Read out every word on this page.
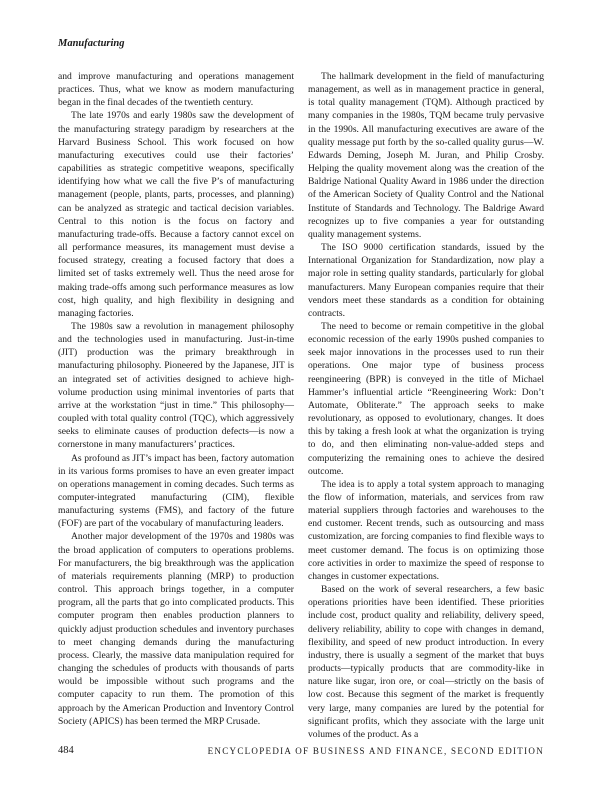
Manufacturing

and improve manufacturing and operations management practices. Thus, what we know as modern manufacturing began in the final decades of the twentieth century.

The late 1970s and early 1980s saw the development of the manufacturing strategy paradigm by researchers at the Harvard Business School. This work focused on how manufacturing executives could use their factories’ capabilities as strategic competitive weapons, specifically identifying how what we call the five P’s of manufacturing management (people, plants, parts, processes, and planning) can be analyzed as strategic and tactical decision variables. Central to this notion is the focus on factory and manufacturing trade-offs. Because a factory cannot excel on all performance measures, its management must devise a focused strategy, creating a focused factory that does a limited set of tasks extremely well. Thus the need arose for making trade-offs among such performance measures as low cost, high quality, and high flexibility in designing and managing factories.

The 1980s saw a revolution in management philosophy and the technologies used in manufacturing. Just-in-time (JIT) production was the primary breakthrough in manufacturing philosophy. Pioneered by the Japanese, JIT is an integrated set of activities designed to achieve high-volume production using minimal inventories of parts that arrive at the workstation “just in time.” This philosophy—coupled with total quality control (TQC), which aggressively seeks to eliminate causes of production defects—is now a cornerstone in many manufacturers’ practices.

As profound as JIT’s impact has been, factory automation in its various forms promises to have an even greater impact on operations management in coming decades. Such terms as computer-integrated manufacturing (CIM), flexible manufacturing systems (FMS), and factory of the future (FOF) are part of the vocabulary of manufacturing leaders.

Another major development of the 1970s and 1980s was the broad application of computers to operations problems. For manufacturers, the big breakthrough was the application of materials requirements planning (MRP) to production control. This approach brings together, in a computer program, all the parts that go into complicated products. This computer program then enables production planners to quickly adjust production schedules and inventory purchases to meet changing demands during the manufacturing process. Clearly, the massive data manipulation required for changing the schedules of products with thousands of parts would be impossible without such programs and the computer capacity to run them. The promotion of this approach by the American Production and Inventory Control Society (APICS) has been termed the MRP Crusade.

The hallmark development in the field of manufacturing management, as well as in management practice in general, is total quality management (TQM). Although practiced by many companies in the 1980s, TQM became truly pervasive in the 1990s. All manufacturing executives are aware of the quality message put forth by the so-called quality gurus—W. Edwards Deming, Joseph M. Juran, and Philip Crosby. Helping the quality movement along was the creation of the Baldrige National Quality Award in 1986 under the direction of the American Society of Quality Control and the National Institute of Standards and Technology. The Baldrige Award recognizes up to five companies a year for outstanding quality management systems.

The ISO 9000 certification standards, issued by the International Organization for Standardization, now play a major role in setting quality standards, particularly for global manufacturers. Many European companies require that their vendors meet these standards as a condition for obtaining contracts.

The need to become or remain competitive in the global economic recession of the early 1990s pushed companies to seek major innovations in the processes used to run their operations. One major type of business process reengineering (BPR) is conveyed in the title of Michael Hammer’s influential article “Reengineering Work: Don’t Automate, Obliterate.” The approach seeks to make revolutionary, as opposed to evolutionary, changes. It does this by taking a fresh look at what the organization is trying to do, and then eliminating non-value-added steps and computerizing the remaining ones to achieve the desired outcome.

The idea is to apply a total system approach to managing the flow of information, materials, and services from raw material suppliers through factories and warehouses to the end customer. Recent trends, such as outsourcing and mass customization, are forcing companies to find flexible ways to meet customer demand. The focus is on optimizing those core activities in order to maximize the speed of response to changes in customer expectations.

Based on the work of several researchers, a few basic operations priorities have been identified. These priorities include cost, product quality and reliability, delivery speed, delivery reliability, ability to cope with changes in demand, flexibility, and speed of new product introduction. In every industry, there is usually a segment of the market that buys products—typically products that are commodity-like in nature like sugar, iron ore, or coal—strictly on the basis of low cost. Because this segment of the market is frequently very large, many companies are lured by the potential for significant profits, which they associate with the large unit volumes of the product. As a

484	ENCYCLOPEDIA OF BUSINESS AND FINANCE, SECOND EDITION
